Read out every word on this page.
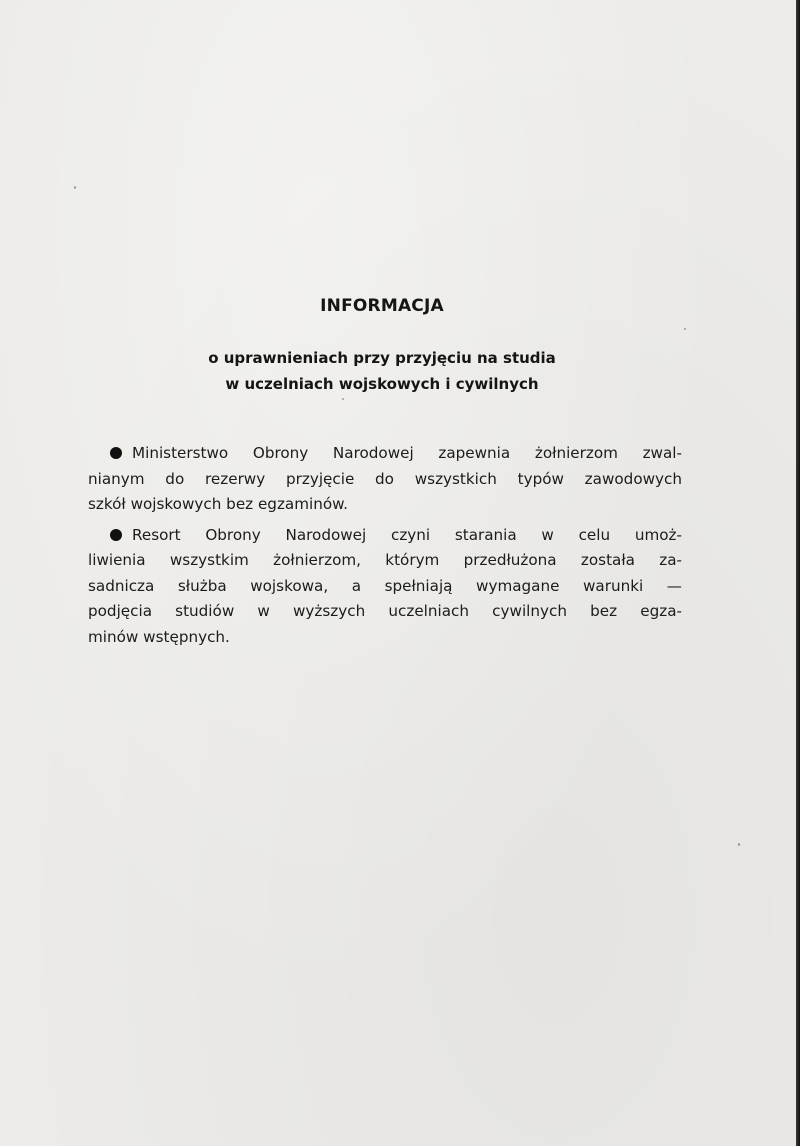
INFORMACJA
o uprawnieniach przy przyjęciu na studia
w uczelniach wojskowych i cywilnych
Ministerstwo Obrony Narodowej zapewnia żołnierzom zwal-
nianym do rezerwy przyjęcie do wszystkich typów zawodowych
szkół wojskowych bez egzaminów.
Resort Obrony Narodowej czyni starania w celu umoż-
liwienia wszystkim żołnierzom, którym przedłużona została za-
sadnicza służba wojskowa, a spełniają wymagane warunki —
podjęcia studiów w wyższych uczelniach cywilnych bez egza-
minów wstępnych.
